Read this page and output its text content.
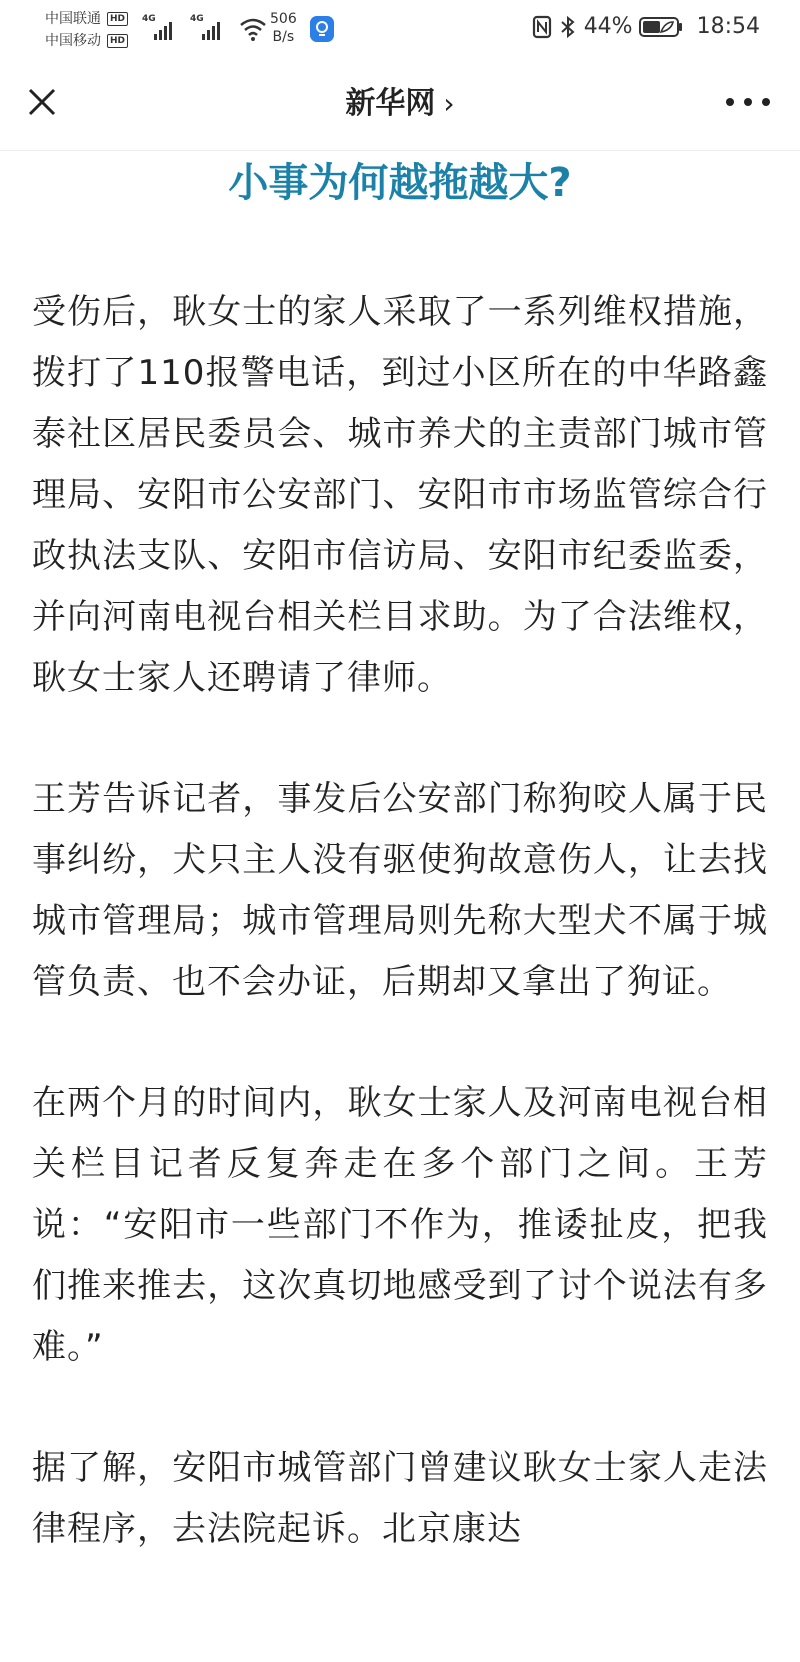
中国联通	HD
中国移动	HD
4G	4G	506
B/s	44%	18:54
新华网 ›
小事为何越拖越大?

受伤后，耿女士的家人采取了一系列维权措施，拨打了110报警电话，到过小区所在的中华路鑫泰社区居民委员会、城市养犬的主责部门城市管理局、安阳市公安部门、安阳市市场监管综合行政执法支队、安阳市信访局、安阳市纪委监委，并向河南电视台相关栏目求助。为了合法维权，耿女士家人还聘请了律师。

王芳告诉记者，事发后公安部门称狗咬人属于民事纠纷，犬只主人没有驱使狗故意伤人，让去找城市管理局；城市管理局则先称大型犬不属于城管负责、也不会办证，后期却又拿出了狗证。

在两个月的时间内，耿女士家人及河南电视台相关栏目记者反复奔走在多个部门之间。王芳说：“安阳市一些部门不作为，推诿扯皮，把我们推来推去，这次真切地感受到了讨个说法有多难。”

据了解，安阳市城管部门曾建议耿女士家人走法律程序，去法院起诉。北京康达
